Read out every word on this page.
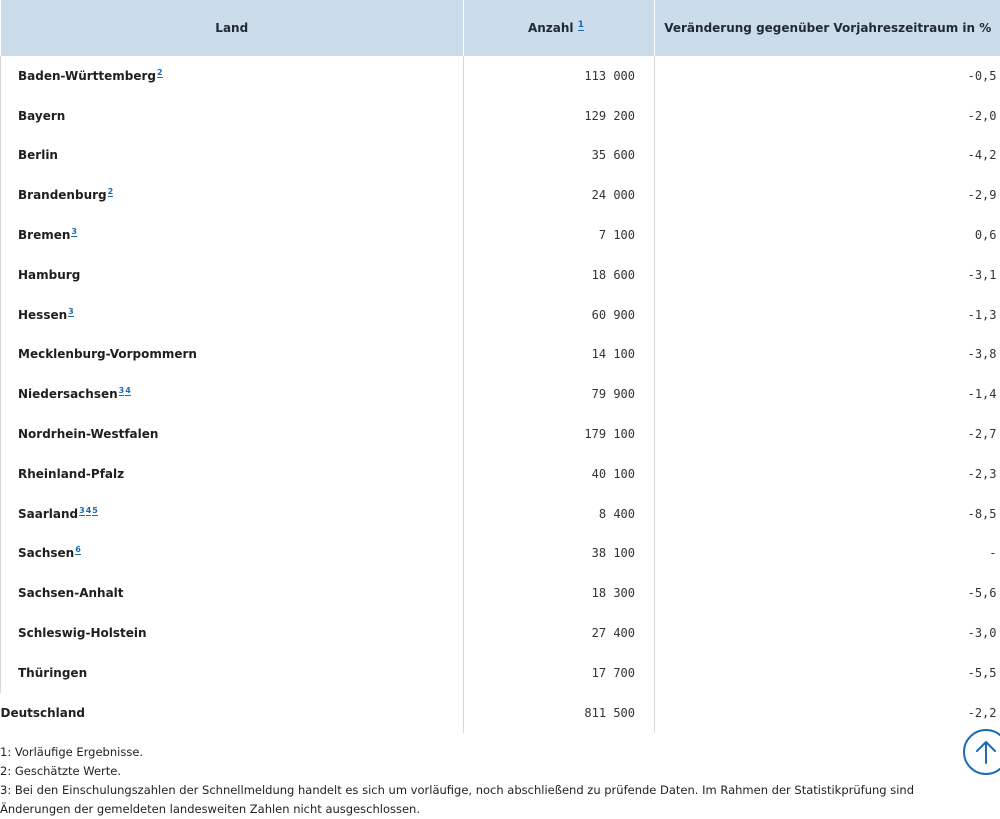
Land	Anzahl $^1$	Veränderung gegenüber Vorjahreszeitraum in %
Baden-Württemberg$^2$	113 000	-0,5
Bayern	129 200	-2,0
Berlin	35 600	-4,2
Brandenburg$^2$	24 000	-2,9
Bremen$^3$	7 100	0,6
Hamburg	18 600	-3,1
Hessen$^3$	60 900	-1,3
Mecklenburg-Vorpommern	14 100	-3,8
Niedersachsen$^{34}$	79 900	-1,4
Nordrhein-Westfalen	179 100	-2,7
Rheinland-Pfalz	40 100	-2,3
Saarland$^{345}$	8 400	-8,5
Sachsen$^6$	38 100	-
Sachsen-Anhalt	18 300	-5,6
Schleswig-Holstein	27 400	-3,0
Thüringen	17 700	-5,5
Deutschland	811 500	-2,2
1: Vorläufige Ergebnisse.
2: Geschätzte Werte.
3: Bei den Einschulungszahlen der Schnellmeldung handelt es sich um vorläufige, noch abschließend zu prüfende Daten. Im Rahmen der Statistikprüfung sind Änderungen der gemeldeten landesweiten Zahlen nicht ausgeschlossen.
